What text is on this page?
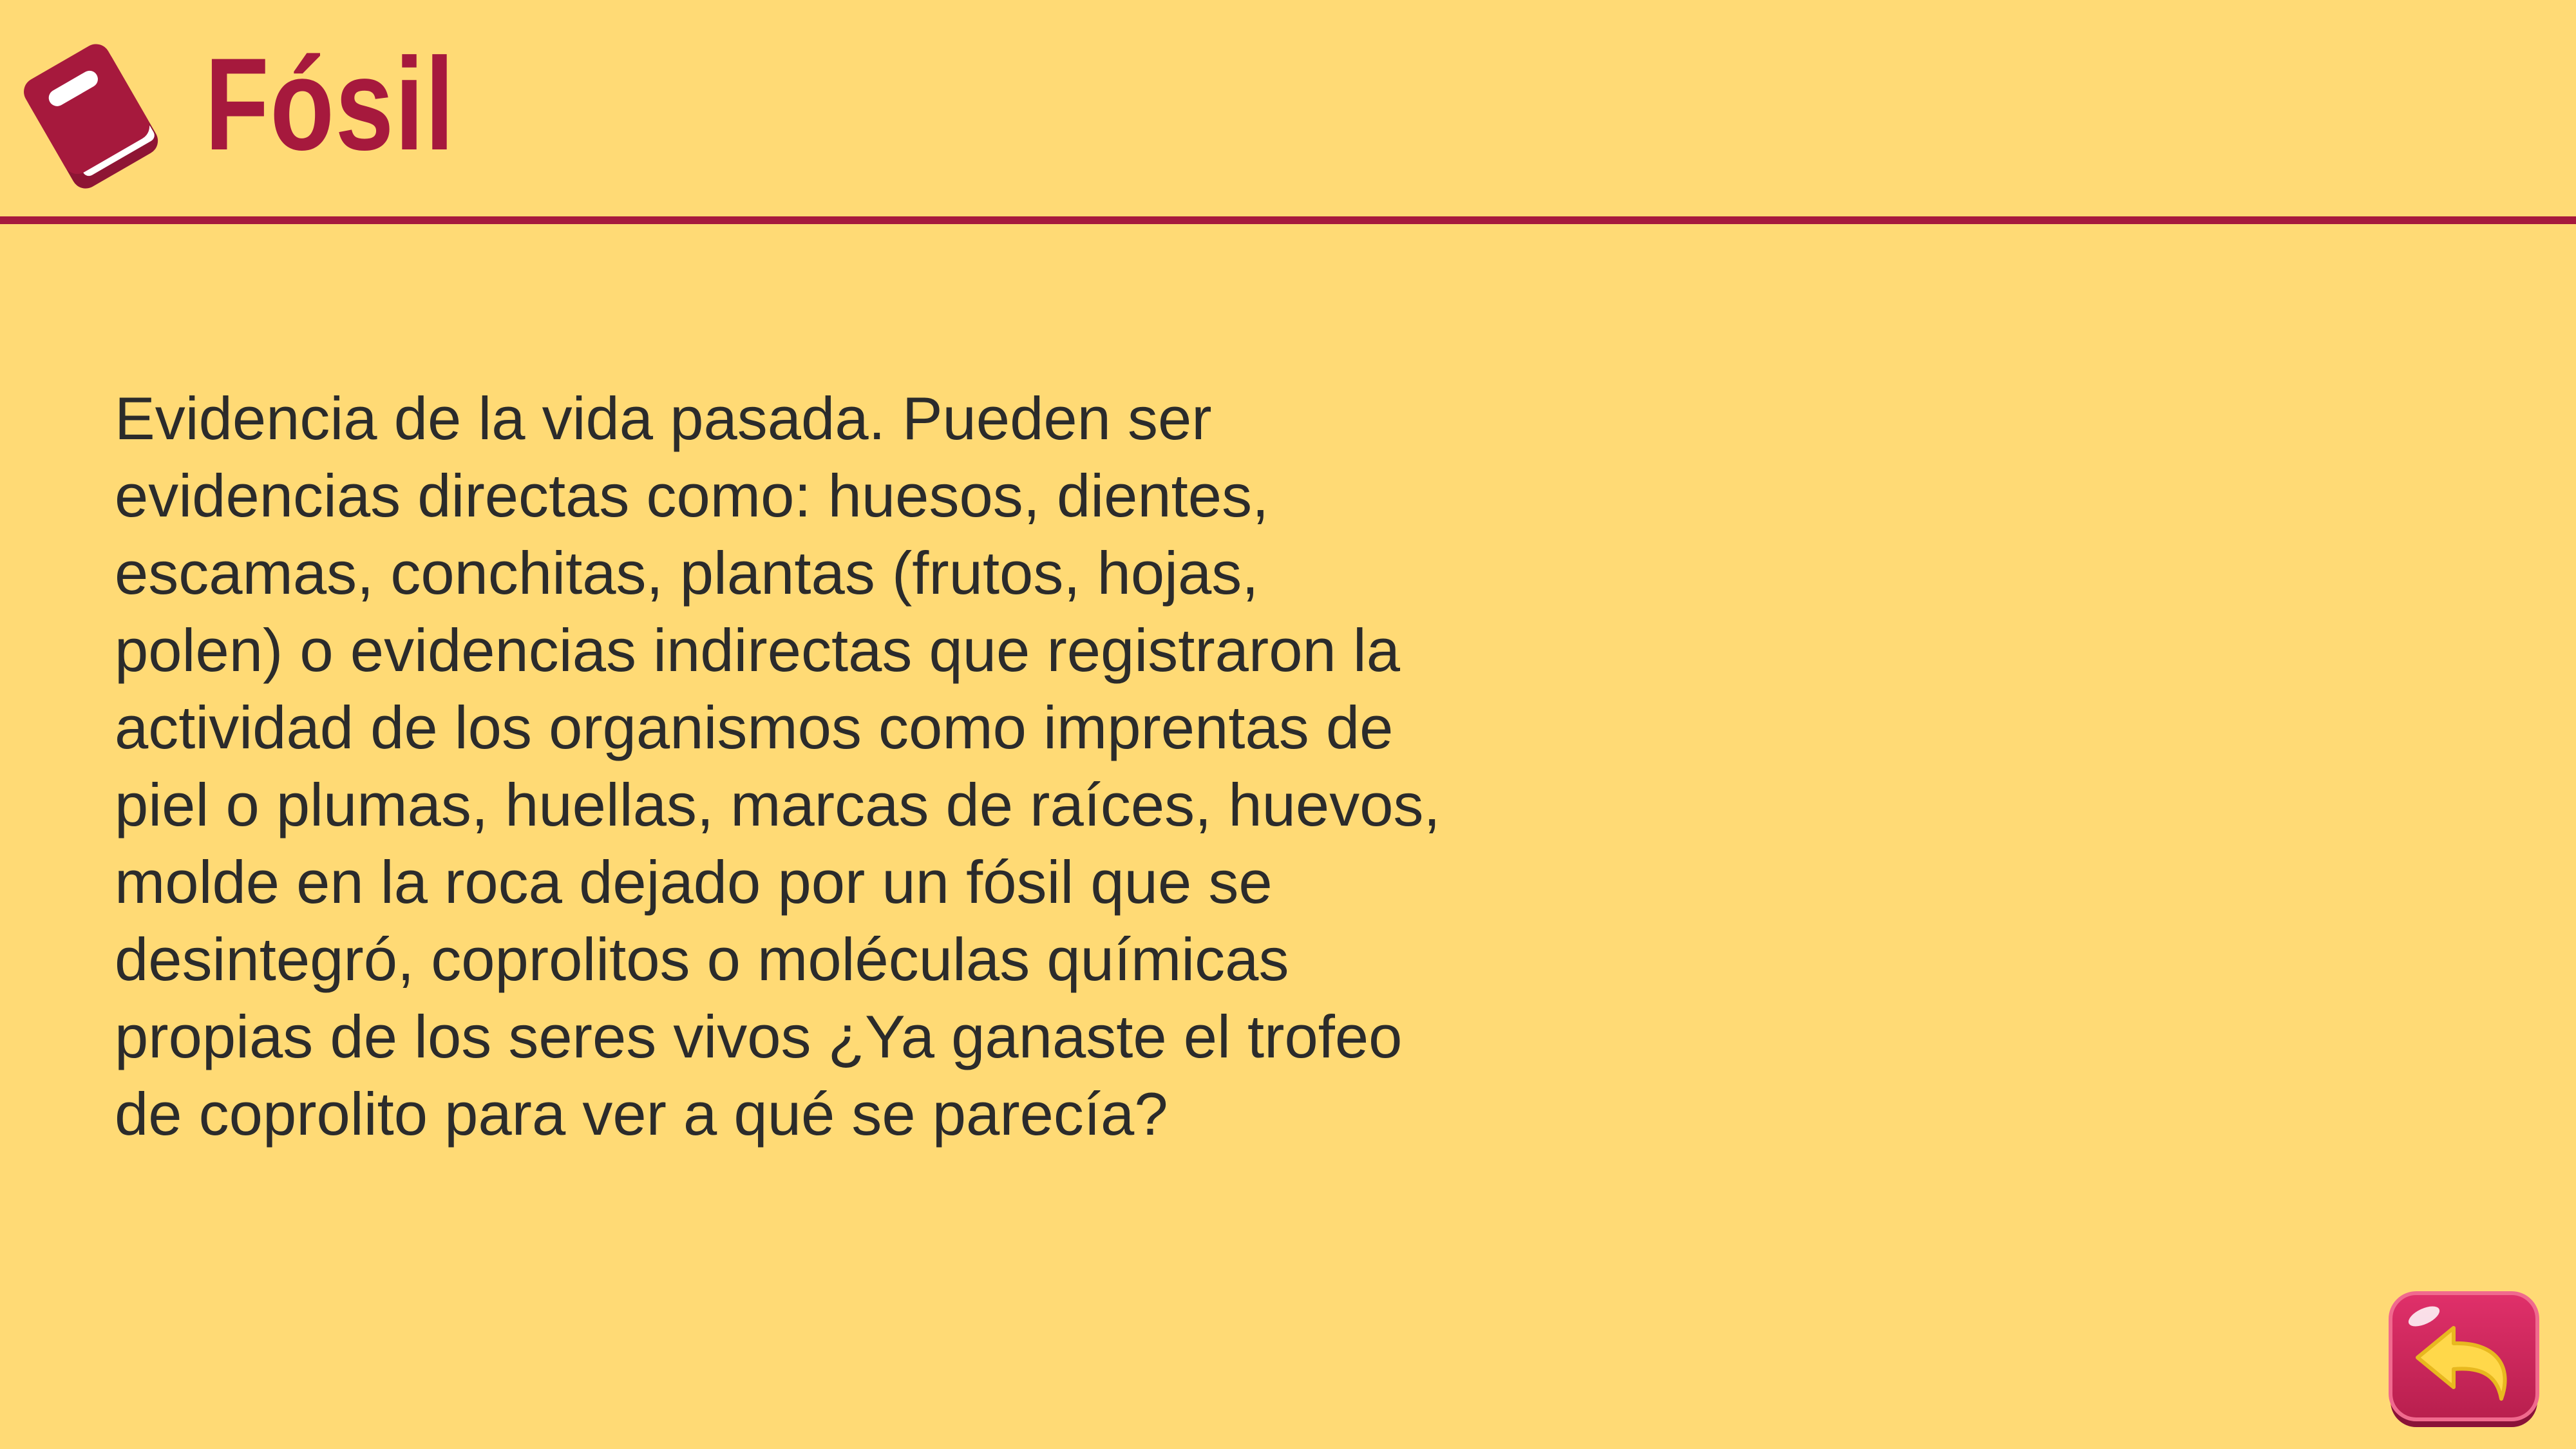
Fósil

Evidencia de la vida pasada. Pueden ser evidencias directas como: huesos, dientes, escamas, conchitas, plantas (frutos, hojas, polen) o evidencias indirectas que registraron la actividad de los organismos como imprentas de piel o plumas, huellas, marcas de raíces, huevos, molde en la roca dejado por un fósil que se desintegró, coprolitos o moléculas químicas propias de los seres vivos ¿Ya ganaste el trofeo de coprolito para ver a qué se parecía?
